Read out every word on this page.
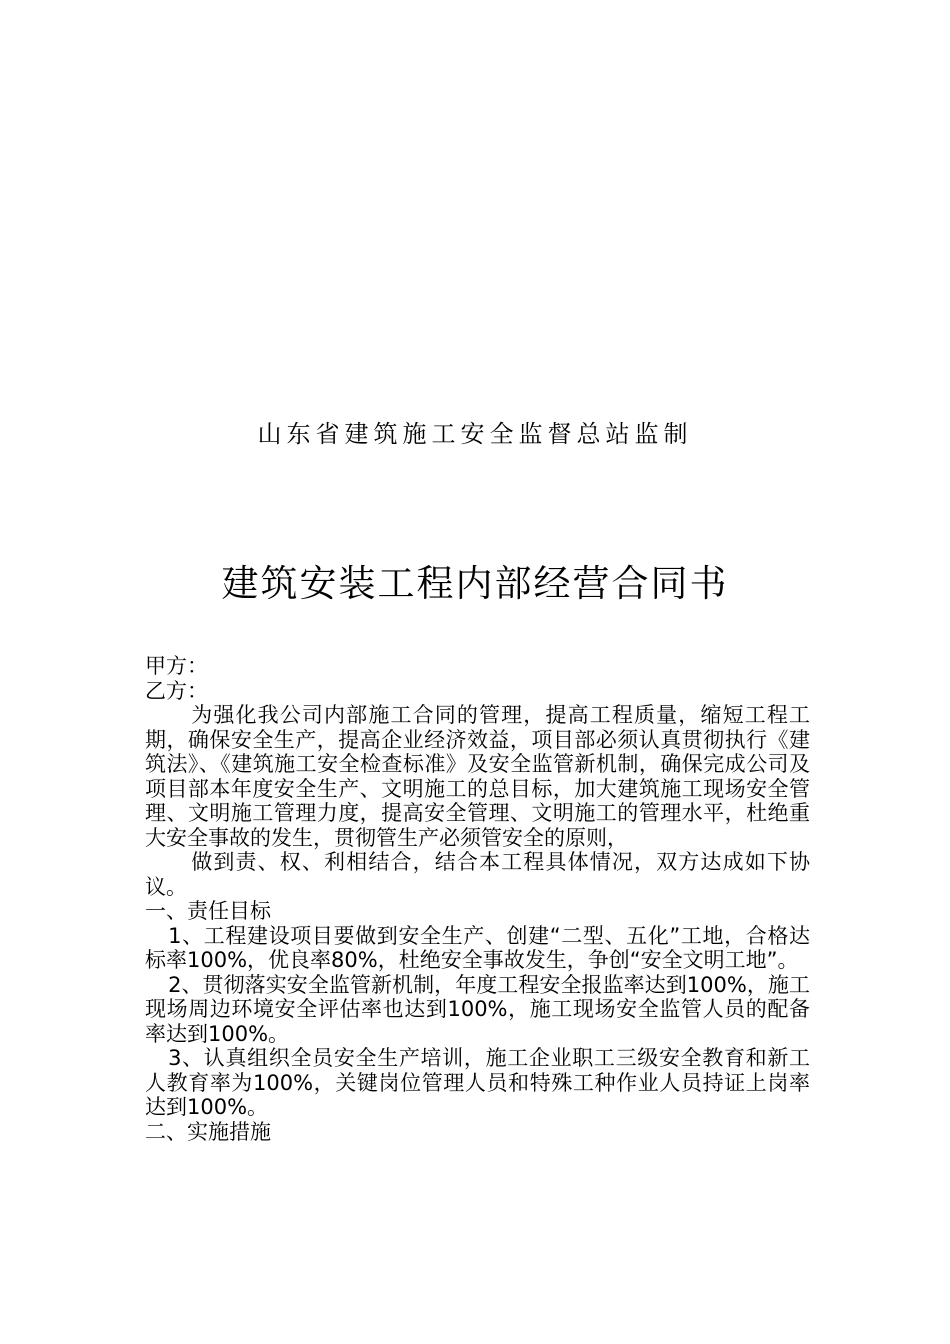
山东省建筑施工安全监督总站监制
建筑安装工程内部经营合同书

甲方：

乙方：

为强化我公司内部施工合同的管理，提高工程质量，缩短工程工期，确保安全生产，提高企业经济效益，项目部必须认真贯彻执行《建筑法》、《建筑施工安全检查标准》及安全监管新机制，确保完成公司及项目部本年度安全生产、文明施工的总目标，加大建筑施工现场安全管理、文明施工管理力度，提高安全管理、文明施工的管理水平，杜绝重大安全事故的发生，贯彻管生产必须管安全的原则，

做到责、权、利相结合，结合本工程具体情况，双方达成如下协议。

一、责任目标

1、工程建设项目要做到安全生产、创建“二型、五化”工地，合格达标率100%，优良率80%，杜绝安全事故发生，争创“安全文明工地”。

2、贯彻落实安全监管新机制，年度工程安全报监率达到100%，施工现场周边环境安全评估率也达到100%，施工现场安全监管人员的配备率达到100%。

3、认真组织全员安全生产培训，施工企业职工三级安全教育和新工人教育率为100%，关键岗位管理人员和特殊工种作业人员持证上岗率达到100%。

二、实施措施
